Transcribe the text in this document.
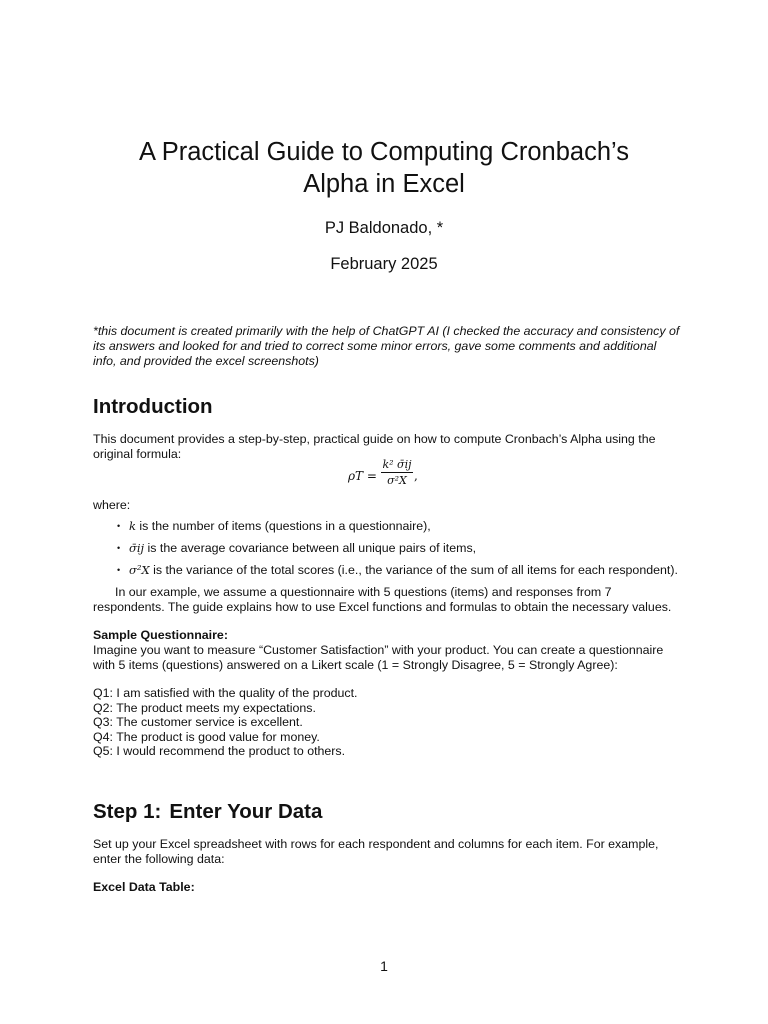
A Practical Guide to Computing Cronbach’s
Alpha in Excel
PJ Baldonado, *
February 2025
*this document is created primarily with the help of ChatGPT AI (I checked the accuracy and consistency of its answers and looked for and tried to correct some minor errors, gave some comments and additional info, and provided the excel screenshots)
Introduction
This document provides a step-by-step, practical guide on how to compute Cronbach’s Alpha using the original formula:
ρT =
k² σ̄ij
σ²X ,
where:
• k is the number of items (questions in a questionnaire),
• σ̄ij is the average covariance between all unique pairs of items,
• σ²X is the variance of the total scores (i.e., the variance of the sum of all items for each respondent).
In our example, we assume a questionnaire with 5 questions (items) and responses from 7 respondents. The guide explains how to use Excel functions and formulas to obtain the necessary values.
Sample Questionnaire:
Imagine you want to measure “Customer Satisfaction” with your product. You can create a questionnaire with 5 items (questions) answered on a Likert scale (1 = Strongly Disagree, 5 = Strongly Agree):
Q1: I am satisfied with the quality of the product.
Q2: The product meets my expectations.
Q3: The customer service is excellent.
Q4: The product is good value for money.
Q5: I would recommend the product to others.
Step 1: Enter Your Data
Set up your Excel spreadsheet with rows for each respondent and columns for each item. For example, enter the following data:
Excel Data Table:
1
